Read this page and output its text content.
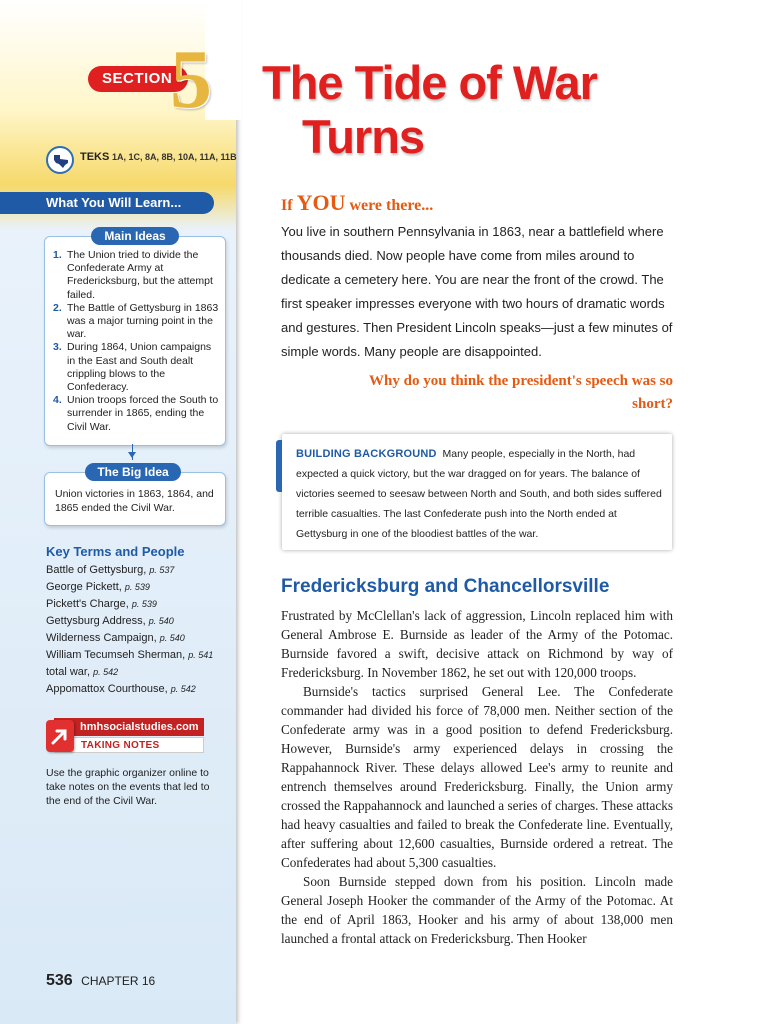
SECTION
5
TEKS 1A, 1C, 8A, 8B, 10A, 11A, 11B
What You Will Learn...
Main Ideas
1. The Union tried to divide the Confederate Army at Fredericksburg, but the attempt failed.
2. The Battle of Gettysburg in 1863 was a major turning point in the war.
3. During 1864, Union campaigns in the East and South dealt crippling blows to the Confederacy.
4. Union troops forced the South to surrender in 1865, ending the Civil War.
The Big Idea
Union victories in 1863, 1864, and 1865 ended the Civil War.
Key Terms and People
Battle of Gettysburg, p. 537
George Pickett, p. 539
Pickett's Charge, p. 539
Gettysburg Address, p. 540
Wilderness Campaign, p. 540
William Tecumseh Sherman, p. 541
total war, p. 542
Appomattox Courthouse, p. 542
hmhsocialstudies.com
TAKING NOTES
Use the graphic organizer online to take notes on the events that led to the end of the Civil War.
536 CHAPTER 16
The Tide of War
Turns
If YOU were there...

You live in southern Pennsylvania in 1863, near a battlefield where thousands died. Now people have come from miles around to dedicate a cemetery here. You are near the front of the crowd. The first speaker impresses everyone with two hours of dramatic words and gestures. Then President Lincoln speaks—just a few minutes of simple words. Many people are disappointed.

Why do you think the president's speech was so short?

BUILDING BACKGROUND Many people, especially in the North, had expected a quick victory, but the war dragged on for years. The balance of victories seemed to seesaw between North and South, and both sides suffered terrible casualties. The last Confederate push into the North ended at Gettysburg in one of the bloodiest battles of the war.

Fredericksburg and Chancellorsville

Frustrated by McClellan's lack of aggression, Lincoln replaced him with General Ambrose E. Burnside as leader of the Army of the Potomac. Burnside favored a swift, decisive attack on Richmond by way of Fredericksburg. In November 1862, he set out with 120,000 troops.

Burnside's tactics surprised General Lee. The Confederate commander had divided his force of 78,000 men. Neither section of the Confederate army was in a good position to defend Fredericksburg. However, Burnside's army experienced delays in crossing the Rappahannock River. These delays allowed Lee's army to reunite and entrench themselves around Fredericksburg. Finally, the Union army crossed the Rappahannock and launched a series of charges. These attacks had heavy casualties and failed to break the Confederate line. Eventually, after suffering about 12,600 casualties, Burnside ordered a retreat. The Confederates had about 5,300 casualties.

Soon Burnside stepped down from his position. Lincoln made General Joseph Hooker the commander of the Army of the Potomac. At the end of April 1863, Hooker and his army of about 138,000 men launched a frontal attack on Fredericksburg. Then Hooker
